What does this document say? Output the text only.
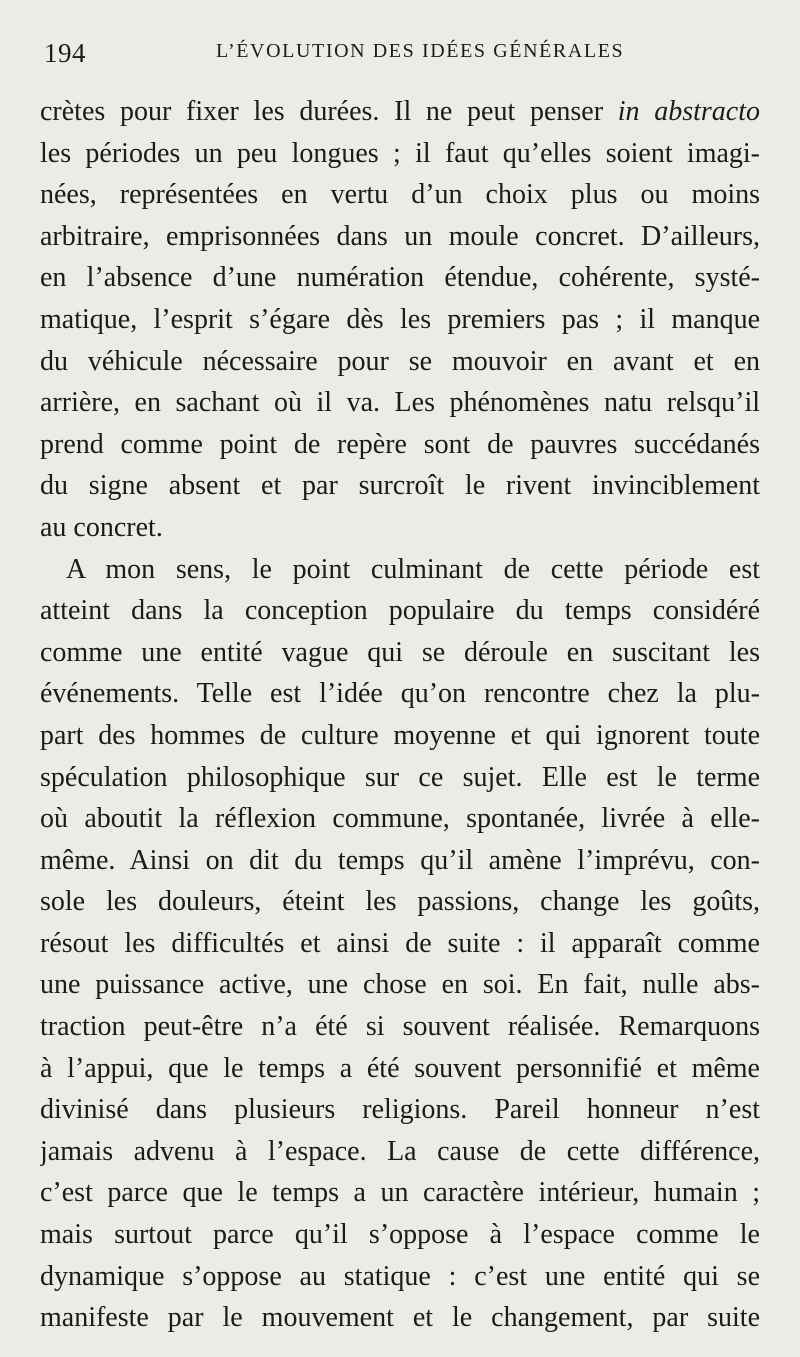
194	L’ÉVOLUTION DES IDÉES GÉNÉRALES
crètes pour fixer les durées. Il ne peut penser in abstracto
les périodes un peu longues ; il faut qu’elles soient imagi-
nées, représentées en vertu d’un choix plus ou moins
arbitraire, emprisonnées dans un moule concret. D’ailleurs,
en l’absence d’une numération étendue, cohérente, systé-
matique, l’esprit s’égare dès les premiers pas ; il manque
du véhicule nécessaire pour se mouvoir en avant et en
arrière, en sachant où il va. Les phénomènes natu relsqu’il
prend comme point de repère sont de pauvres succédanés
du signe absent et par surcroît le rivent invinciblement
au concret.
A mon sens, le point culminant de cette période est
atteint dans la conception populaire du temps considéré
comme une entité vague qui se déroule en suscitant les
événements. Telle est l’idée qu’on rencontre chez la plu-
part des hommes de culture moyenne et qui ignorent toute
spéculation philosophique sur ce sujet. Elle est le terme
où aboutit la réflexion commune, spontanée, livrée à elle-
même. Ainsi on dit du temps qu’il amène l’imprévu, con-
sole les douleurs, éteint les passions, change les goûts,
résout les difficultés et ainsi de suite : il apparaît comme
une puissance active, une chose en soi. En fait, nulle abs-
traction peut-être n’a été si souvent réalisée. Remarquons
à l’appui, que le temps a été souvent personnifié et même
divinisé dans plusieurs religions. Pareil honneur n’est
jamais advenu à l’espace. La cause de cette différence,
c’est parce que le temps a un caractère intérieur, humain ;
mais surtout parce qu’il s’oppose à l’espace comme le
dynamique s’oppose au statique : c’est une entité qui se
manifeste par le mouvement et le changement, par suite
